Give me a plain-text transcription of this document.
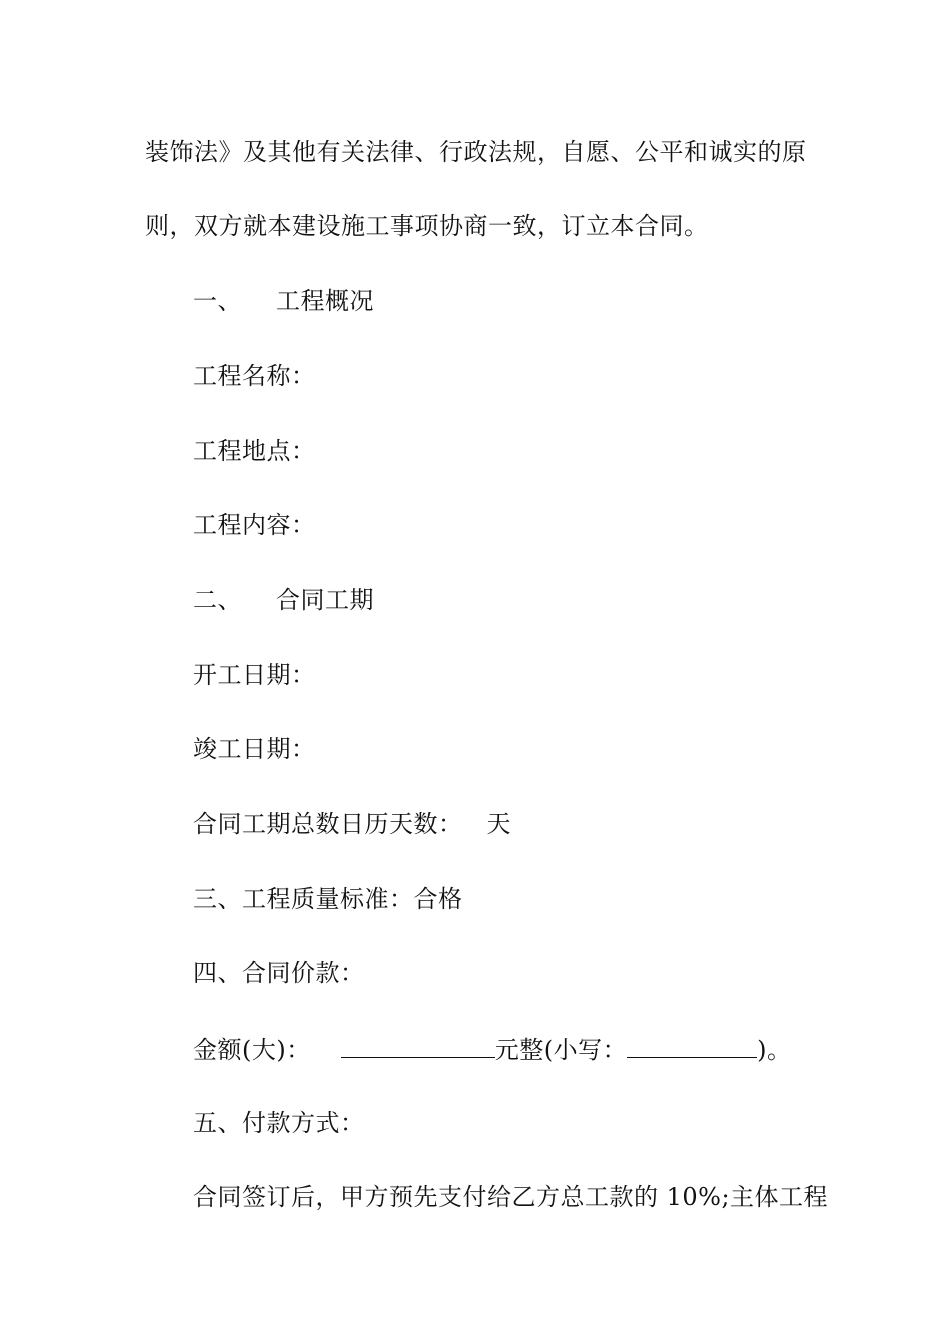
装饰法》及其他有关法律、行政法规，自愿、公平和诚实的原
则，双方就本建设施工事项协商一致，订立本合同。
一、 工程概况
工程名称：
工程地点：
工程内容：
二、 合同工期
开工日期：
竣工日期：
合同工期总数日历天数： 天
三、工程质量标准：合格
四、合同价款：
金额(大)：	元整(小写：	)。
五、付款方式：
合同签订后，甲方预先支付给乙方总工款的 10%;主体工程
